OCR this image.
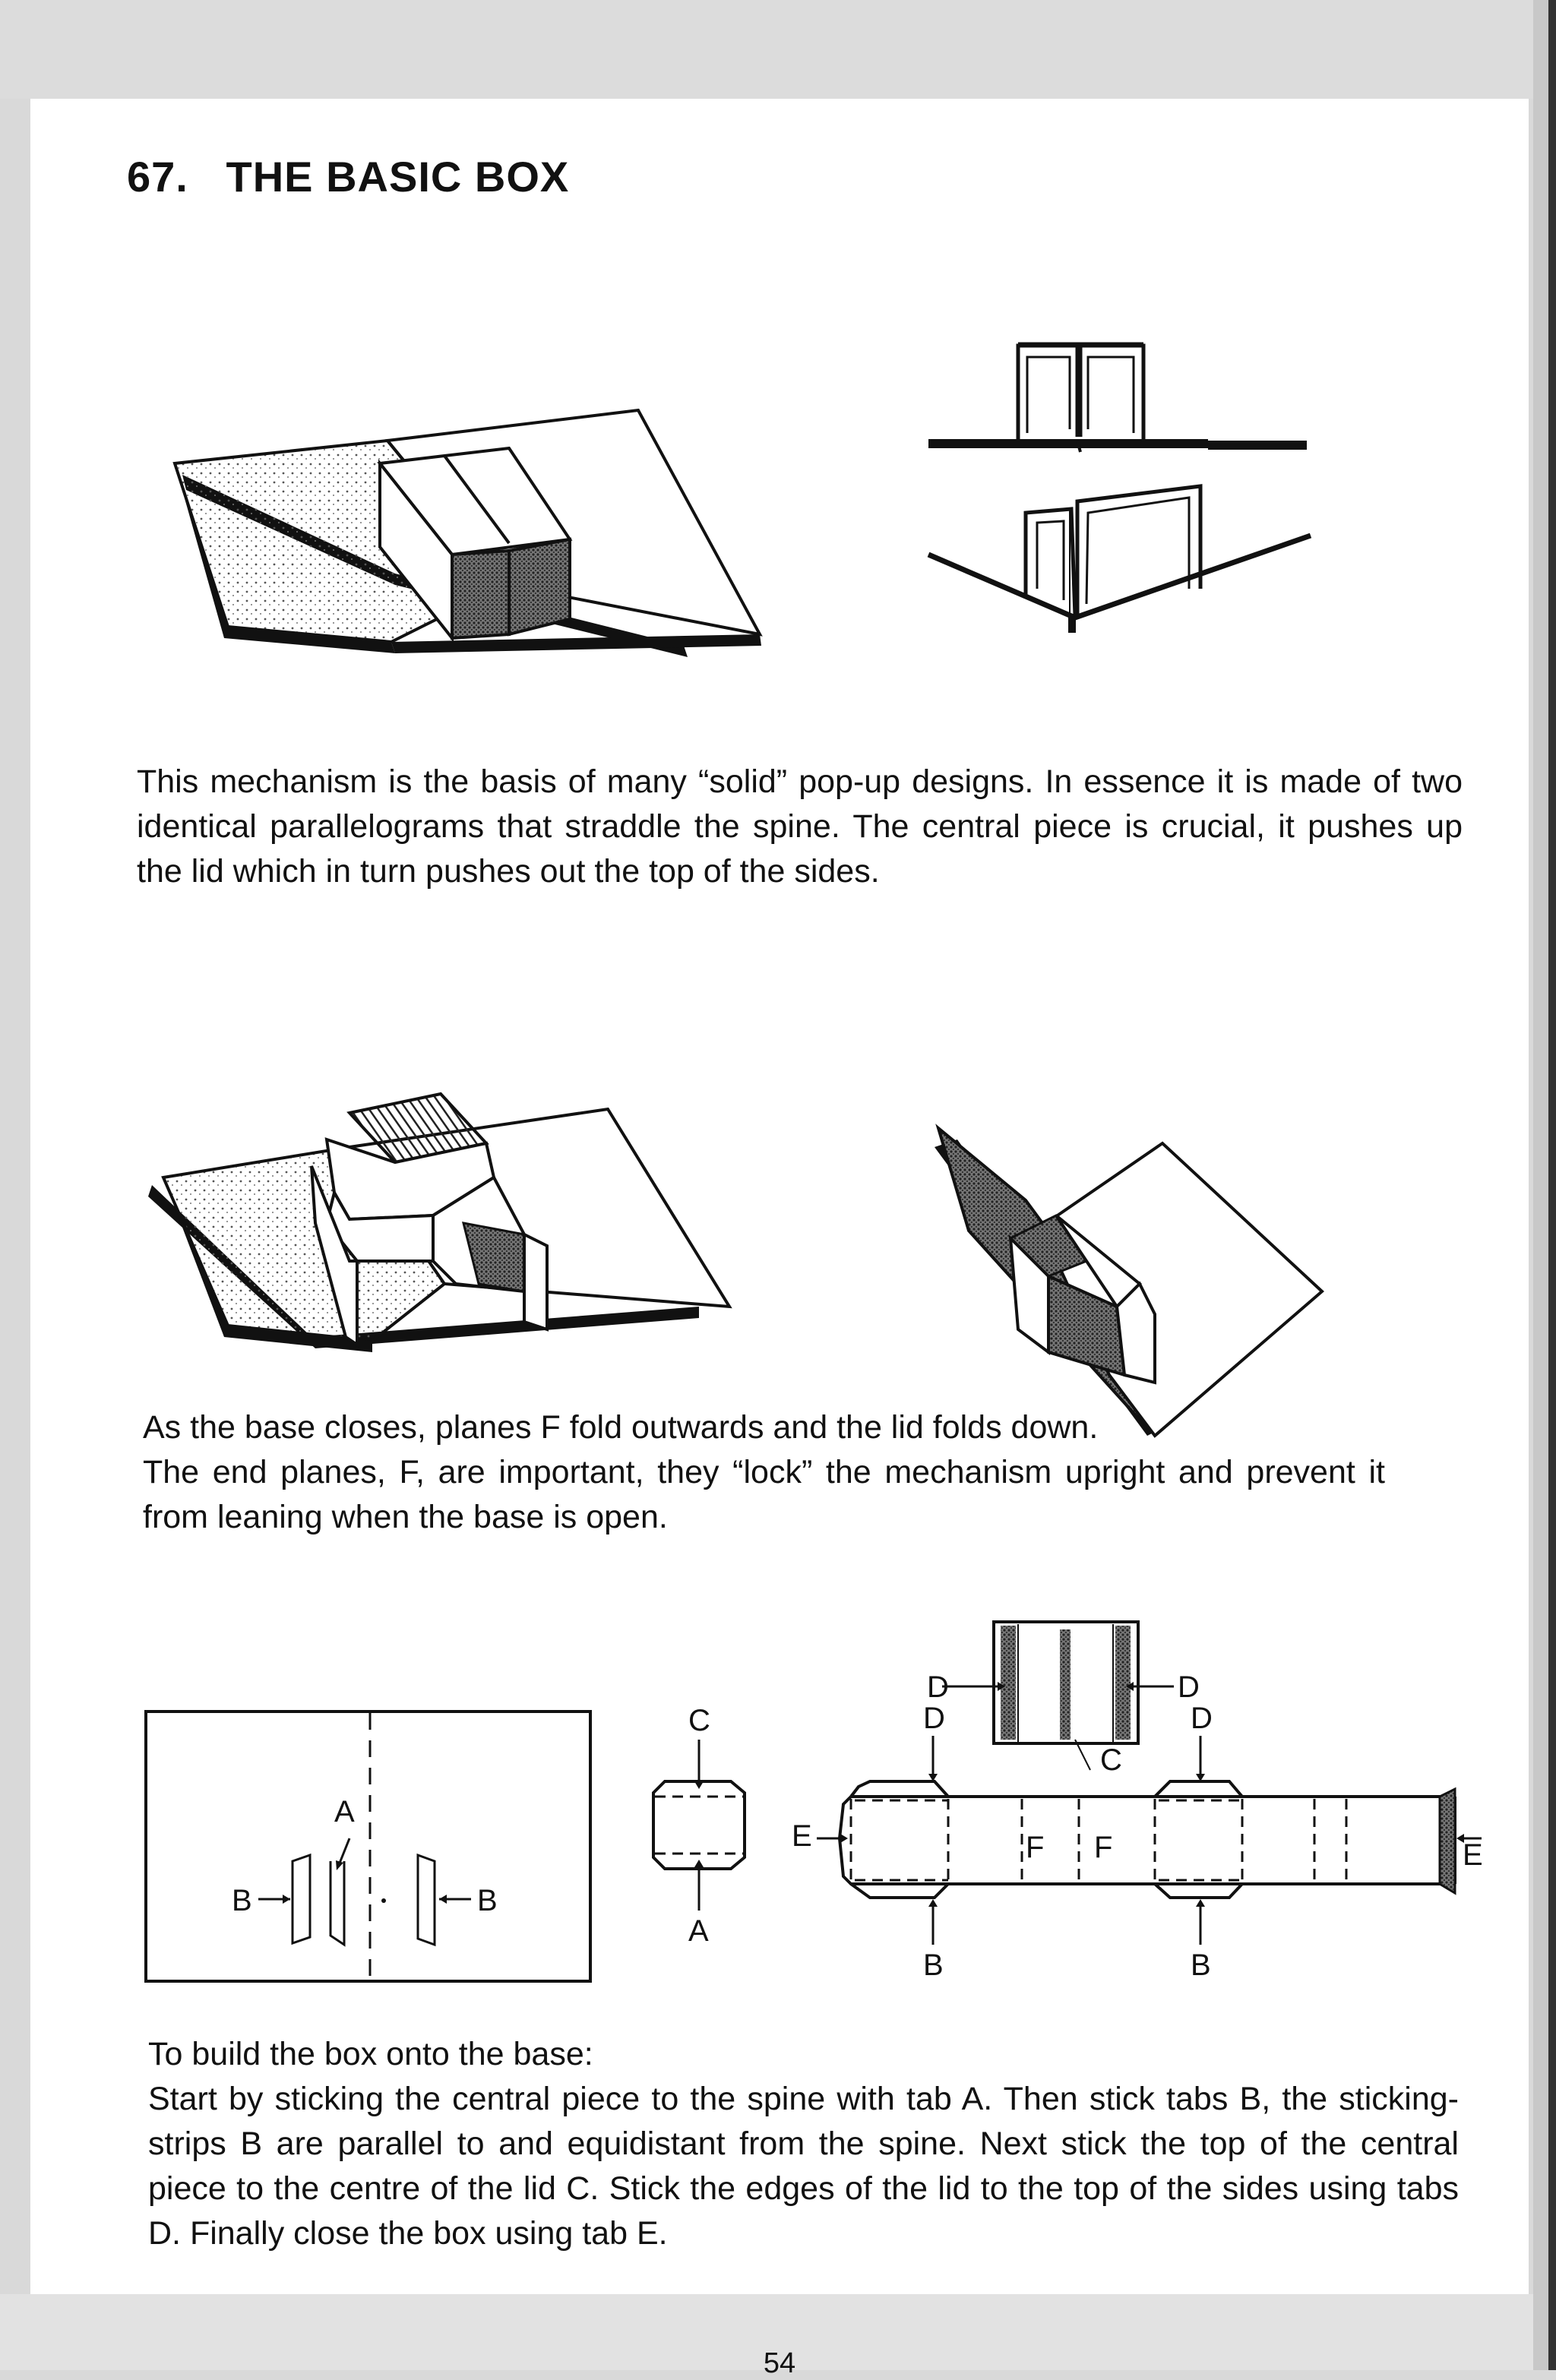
67.   THE BASIC BOX

This mechanism is the basis of many “solid” pop-up designs. In essence it is made of two identical parallelograms that straddle the spine. The central piece is crucial, it pushes up the lid which in turn pushes out the top of the sides.

As the base closes, planes F fold outwards and the lid folds down.

The end planes, F, are important, they “lock” the mechanism upright and prevent it from leaning when the base is open.

A
B	B
C
A
D	D
D	D
C
E
E
F F
B	B

To build the box onto the base:

Start by sticking the central piece to the spine with tab A. Then stick tabs B, the sticking-strips B are parallel to and equidistant from the spine. Next stick the top of the central piece to the centre of the lid C. Stick the edges of the lid to the top of the sides using tabs D. Finally close the box using tab E.

54
